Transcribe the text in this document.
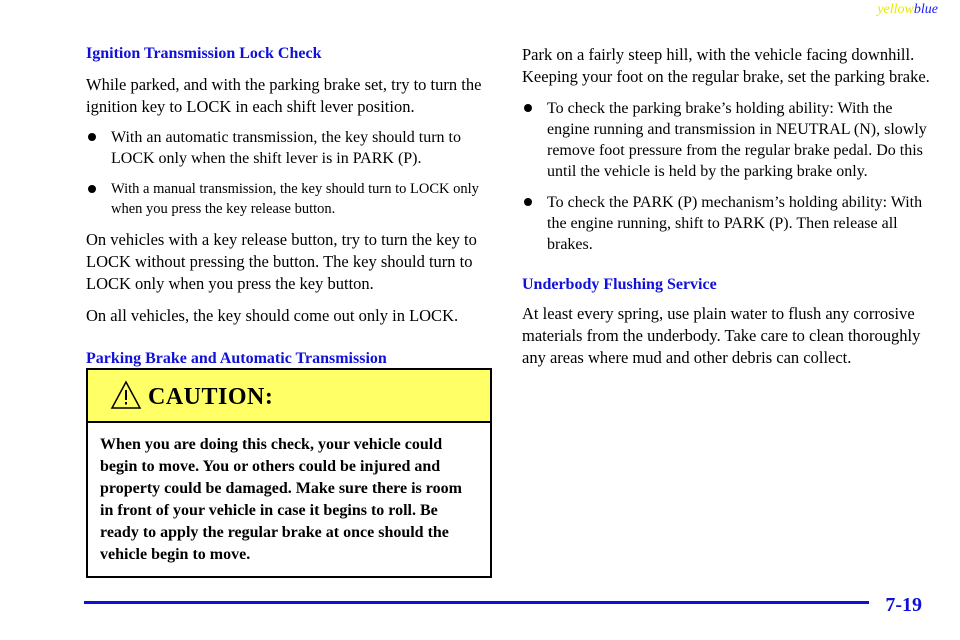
yellowblue
Ignition Transmission Lock Check

While parked, and with the parking brake set, try to turn the ignition key to LOCK in each shift lever position.

With an automatic transmission, the key should turn to LOCK only when the shift lever is in PARK (P).
With a manual transmission, the key should turn to LOCK only when you press the key release button.

On vehicles with a key release button, try to turn the key to LOCK without pressing the button. The key should turn to LOCK only when you press the key button.

On all vehicles, the key should come out only in LOCK.

Parking Brake and Automatic Transmission
CAUTION:
When you are doing this check, your vehicle could begin to move. You or others could be injured and property could be damaged. Make sure there is room in front of your vehicle in case it begins to roll. Be ready to apply the regular brake at once should the vehicle begin to move.

Park on a fairly steep hill, with the vehicle facing downhill. Keeping your foot on the regular brake, set the parking brake.

To check the parking brake’s holding ability: With the engine running and transmission in NEUTRAL (N), slowly remove foot pressure from the regular brake pedal. Do this until the vehicle is held by the parking brake only.
To check the PARK (P) mechanism’s holding ability: With the engine running, shift to PARK (P). Then release all brakes.
Underbody Flushing Service

At least every spring, use plain water to flush any corrosive materials from the underbody. Take care to clean thoroughly any areas where mud and other debris can collect.

7-19
